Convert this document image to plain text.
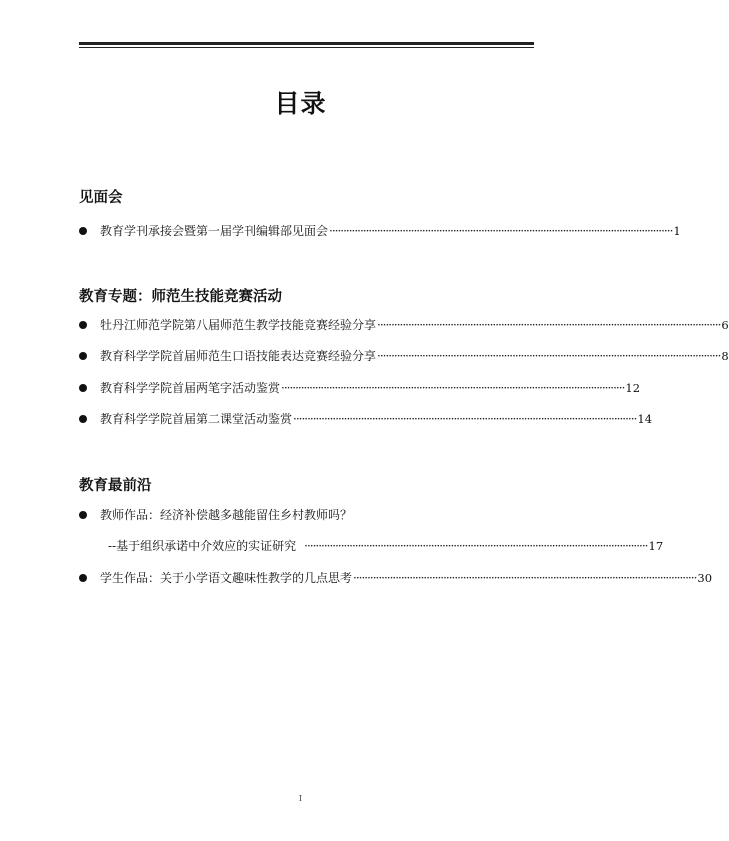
目录
见面会
教育学刊承接会暨第一届学刊编辑部见面会 ·························································································································· 1
教育专题：师范生技能竞赛活动
牡丹江师范学院第八届师范生教学技能竞赛经验分享 ·························································································································· 6
教育科学学院首届师范生口语技能表达竞赛经验分享 ·························································································································· 8
教育科学学院首届两笔字活动鉴赏 ·························································································································· 12
教育科学学院首届第二课堂活动鉴赏 ·························································································································· 14
教育最前沿
教师作品：经济补偿越多越能留住乡村教师吗？
--基于组织承诺中介效应的实证研究 ·························································································································· 17
学生作品：关于小学语文趣味性教学的几点思考 ·························································································································· 30
I
